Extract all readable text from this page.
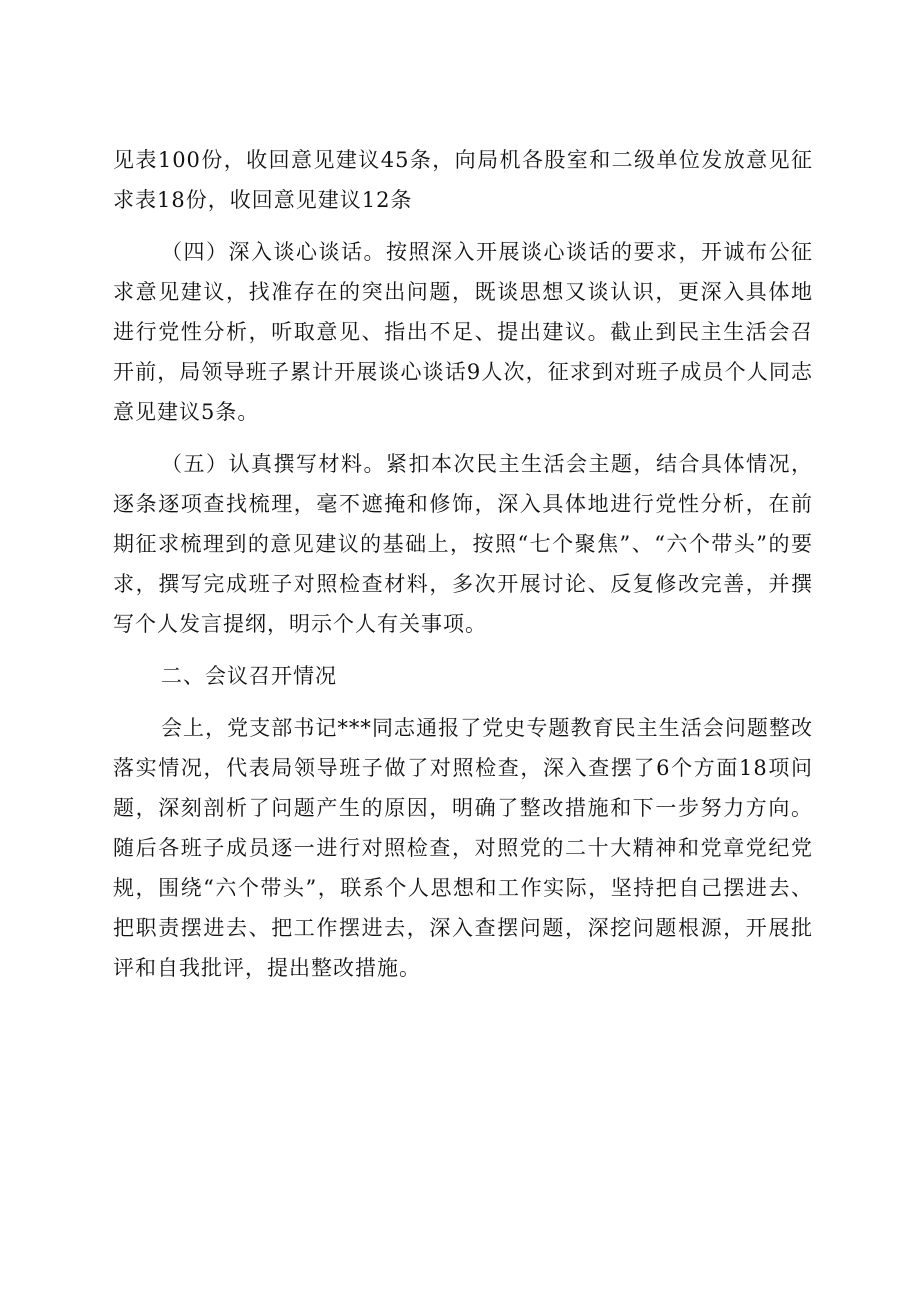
见表100份，收回意见建议45条，向局机各股室和二级单位发放意见征求表18份，收回意见建议12条

（四）深入谈心谈话。按照深入开展谈心谈话的要求，开诚布公征求意见建议，找准存在的突出问题，既谈思想又谈认识，更深入具体地进行党性分析，听取意见、指出不足、提出建议。截止到民主生活会召开前，局领导班子累计开展谈心谈话9人次，征求到对班子成员个人同志意见建议5条。

（五）认真撰写材料。紧扣本次民主生活会主题，结合具体情况，逐条逐项查找梳理，毫不遮掩和修饰，深入具体地进行党性分析，在前期征求梳理到的意见建议的基础上，按照“七个聚焦”、“六个带头”的要求，撰写完成班子对照检查材料，多次开展讨论、反复修改完善，并撰写个人发言提纲，明示个人有关事项。

二、会议召开情况

会上，党支部书记***同志通报了党史专题教育民主生活会问题整改落实情况，代表局领导班子做了对照检查，深入查摆了6个方面18项问题，深刻剖析了问题产生的原因，明确了整改措施和下一步努力方向。随后各班子成员逐一进行对照检查，对照党的二十大精神和党章党纪党规，围绕“六个带头”，联系个人思想和工作实际，坚持把自己摆进去、把职责摆进去、把工作摆进去，深入查摆问题，深挖问题根源，开展批评和自我批评，提出整改措施。
